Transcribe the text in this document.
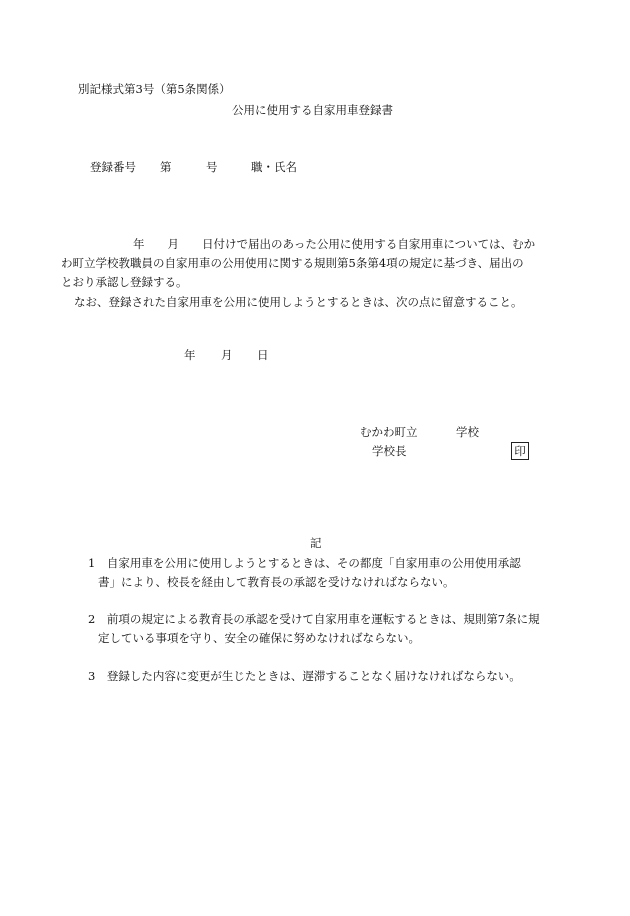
別記様式第3号（第5条関係）
公用に使用する自家用車登録書
登録番号 第	号	職・氏名
年　　月　　日付けで届出のあった公用に使用する自家用車については、むか
わ町立学校教職員の自家用車の公用使用に関する規則第5条第4項の規定に基づき、届出の
とおり承認し登録する。
なお、登録された自家用車を公用に使用しようとするときは、次の点に留意すること。
年 月 日
むかわ町立	学校
学校長	印
記
1　自家用車を公用に使用しようとするときは、その都度「自家用車の公用使用承認
書」により、校長を経由して教育長の承認を受けなければならない。
2　前項の規定による教育長の承認を受けて自家用車を運転するときは、規則第7条に規
定している事項を守り、安全の確保に努めなければならない。
3　登録した内容に変更が生じたときは、遅滞することなく届けなければならない。
